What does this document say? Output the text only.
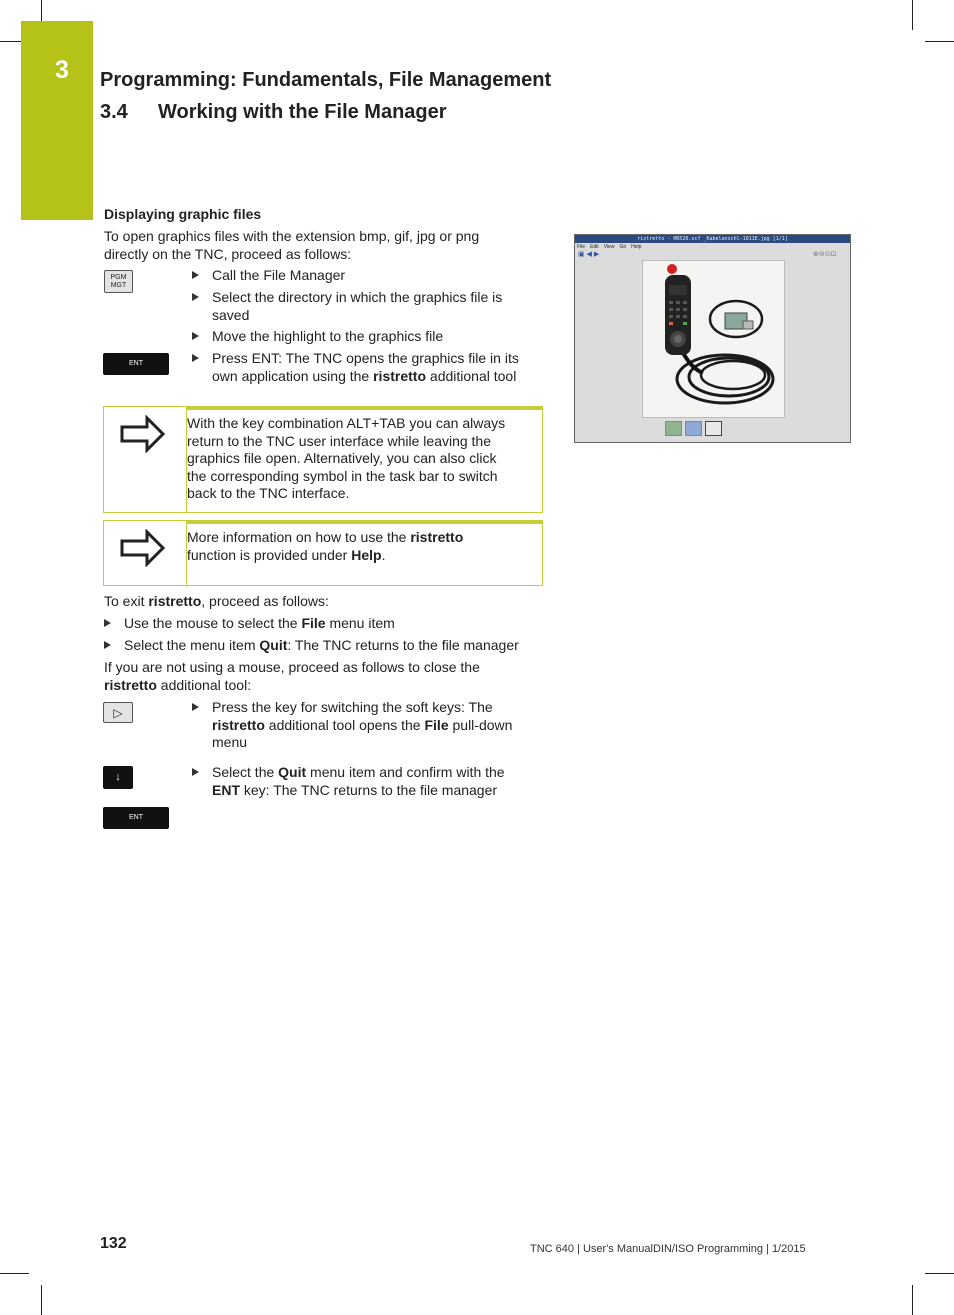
3 Programming: Fundamentals, File Management
3.4 Working with the File Manager
Displaying graphic files
To open graphics files with the extension bmp, gif, jpg or png
directly on the TNC, proceed as follows:
PGM
MGT
Call the File Manager
Select the directory in which the graphics file is
saved
Move the highlight to the graphics file
ENT	Press ENT: The TNC opens the graphics file in its
own application using the ristretto additional tool
With the key combination ALT+TAB you can always
return to the TNC user interface while leaving the
graphics file open. Alternatively, you can also click
the corresponding symbol in the task bar to switch
back to the TNC interface.
More information on how to use the ristretto
function is provided under Help.
To exit ristretto, proceed as follows:
Use the mouse to select the File menu item
Select the menu item Quit: The TNC returns to the file manager
If you are not using a mouse, proceed as follows to close the
ristretto additional tool:
▷	Press the key for switching the soft keys: The
ristretto additional tool opens the File pull-down
menu
↓	Select the Quit menu item and confirm with the
ENT key: The TNC returns to the file manager
ENT
ristretto - HR520.xcf _Kabelanschl-1011E.jpg [1/1]
File Edit View Go Help
▣ ◀ ▶	⊕⊖⊙⊡
132	TNC 640 | User's ManualDIN/ISO Programming | 1/2015
